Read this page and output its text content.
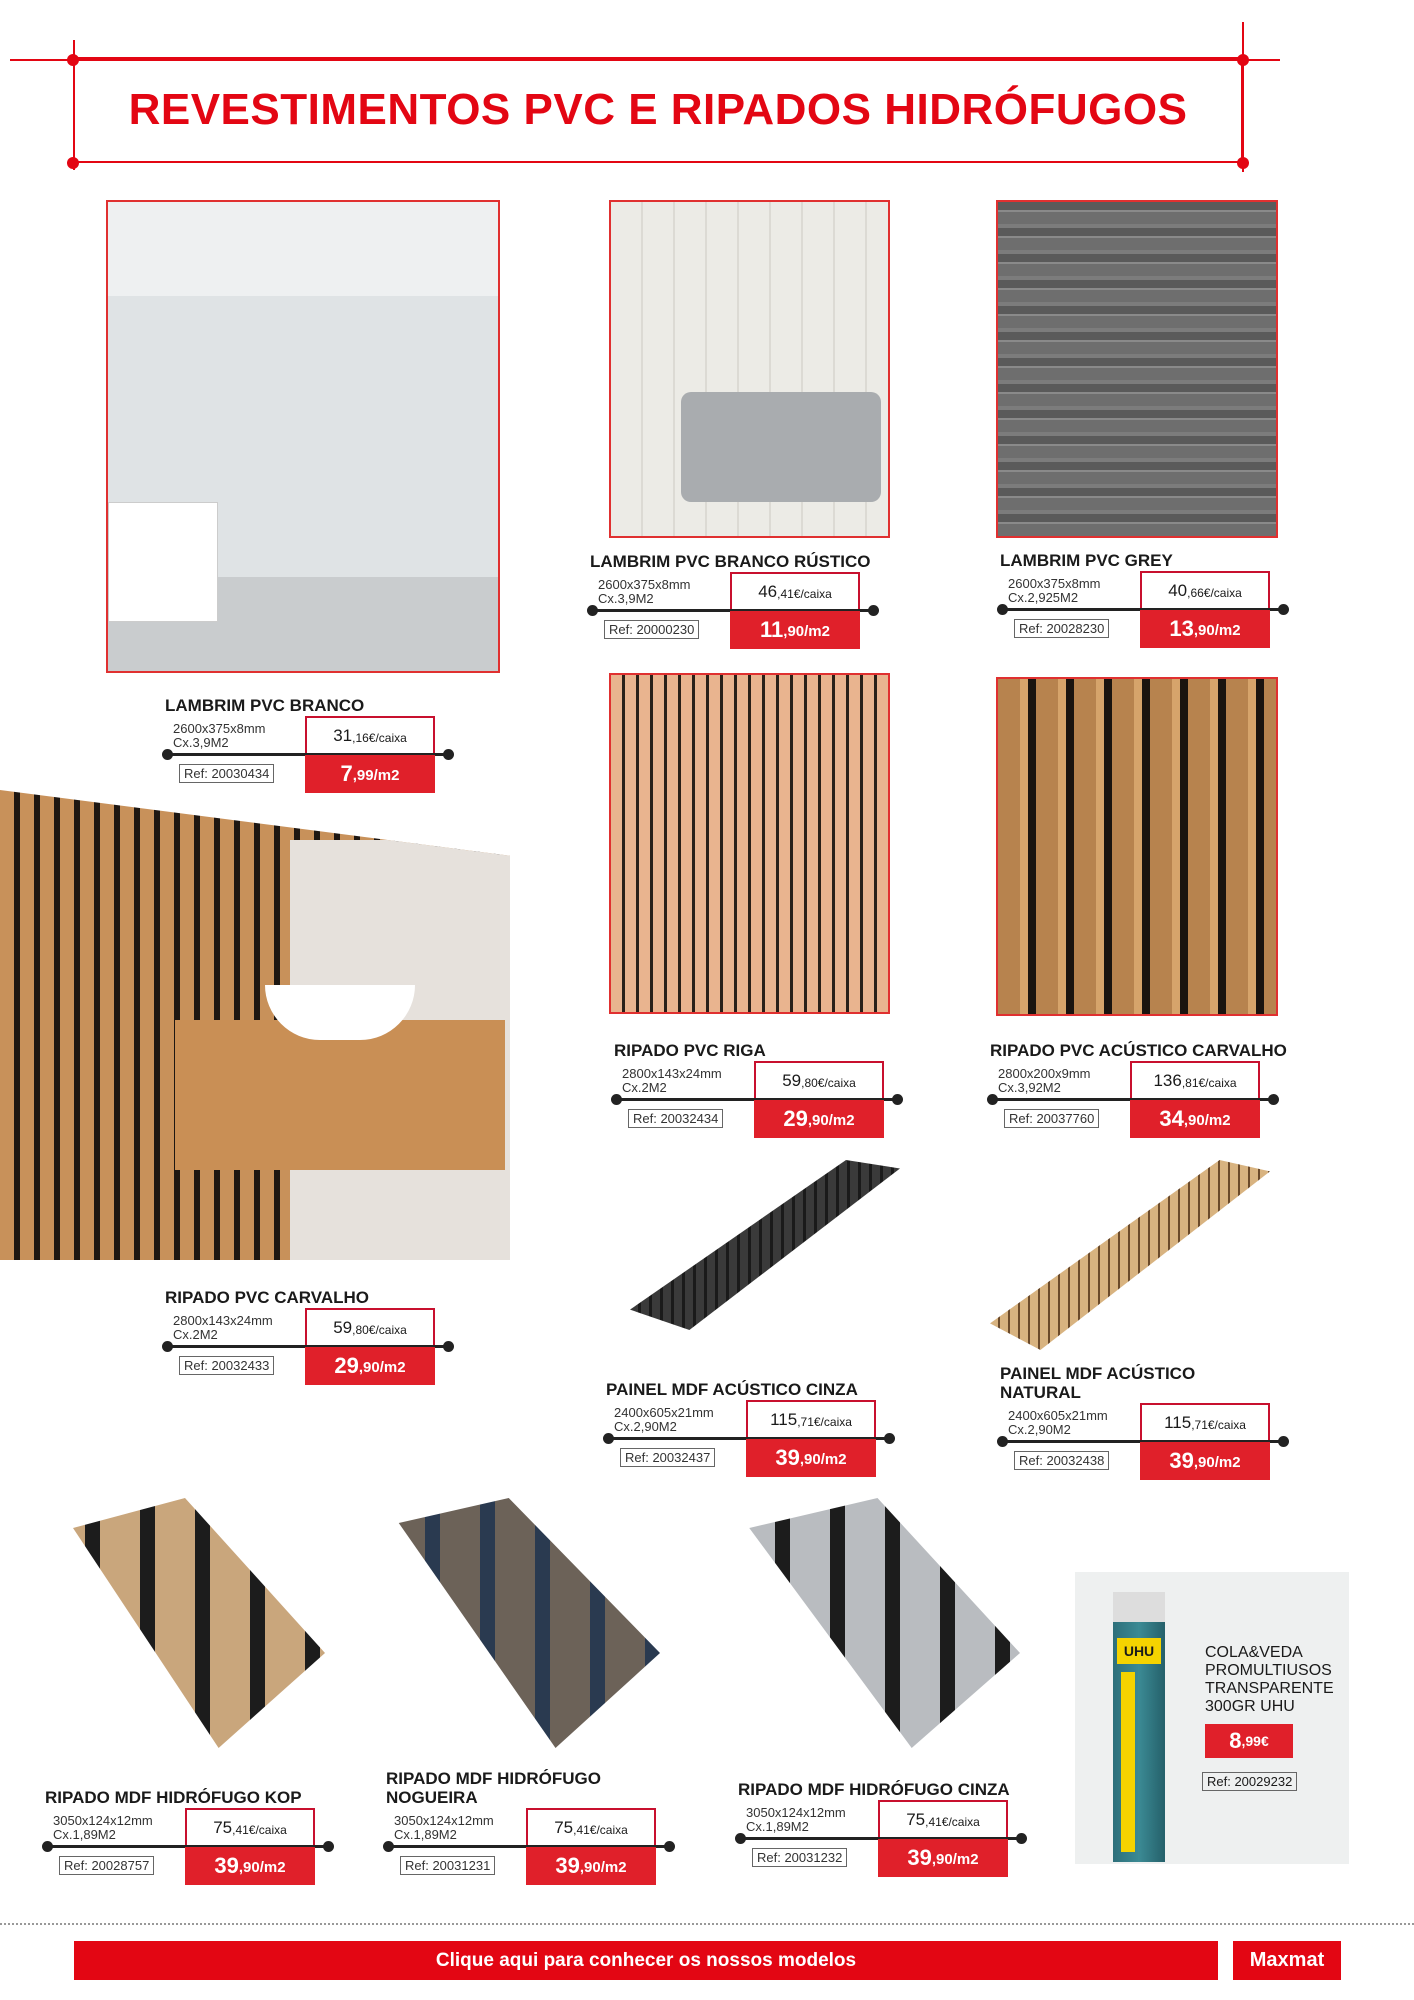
REVESTIMENTOS PVC E RIPADOS HIDRÓFUGOS
LAMBRIM PVC BRANCO
2600x375x8mm
Cx.3,9M2	$31^{,16€/caixa}$
$7^{,99/m2}$
Ref: 20030434
LAMBRIM PVC BRANCO RÚSTICO
2600x375x8mm
Cx.3,9M2	$46^{,41€/caixa}$
$11^{,90/m2}$
Ref: 20000230
LAMBRIM PVC GREY
2600x375x8mm
Cx.2,925M2	$40^{,66€/caixa}$
$13^{,90/m2}$
Ref: 20028230
RIPADO PVC RIGA
2800x143x24mm
Cx.2M2	$59^{,80€/caixa}$
$29^{,90/m2}$
Ref: 20032434
RIPADO PVC ACÚSTICO CARVALHO
2800x200x9mm
Cx.3,92M2	$136^{,81€/caixa}$
$34^{,90/m2}$
Ref: 20037760
RIPADO PVC CARVALHO
2800x143x24mm
Cx.2M2	$59^{,80€/caixa}$
$29^{,90/m2}$
Ref: 20032433
PAINEL MDF ACÚSTICO CINZA
2400x605x21mm
Cx.2,90M2	$115^{,71€/caixa}$
$39^{,90/m2}$
Ref: 20032437
PAINEL MDF ACÚSTICO
NATURAL
2400x605x21mm
Cx.2,90M2	$115^{,71€/caixa}$
$39^{,90/m2}$
Ref: 20032438
RIPADO MDF HIDRÓFUGO KOP
3050x124x12mm
Cx.1,89M2	$75^{,41€/caixa}$
$39^{,90/m2}$
Ref: 20028757
RIPADO MDF HIDRÓFUGO
NOGUEIRA
3050x124x12mm
Cx.1,89M2	$75^{,41€/caixa}$
$39^{,90/m2}$
Ref: 20031231
RIPADO MDF HIDRÓFUGO CINZA
3050x124x12mm
Cx.1,89M2	$75^{,41€/caixa}$
$39^{,90/m2}$
Ref: 20031232
UHU	COLA&VEDA
PROMULTIUSOS
TRANSPARENTE
300GR UHU
8 ,99€
Ref: 20029232
Clique aqui para conhecer os nossos modelos	Maxmat
